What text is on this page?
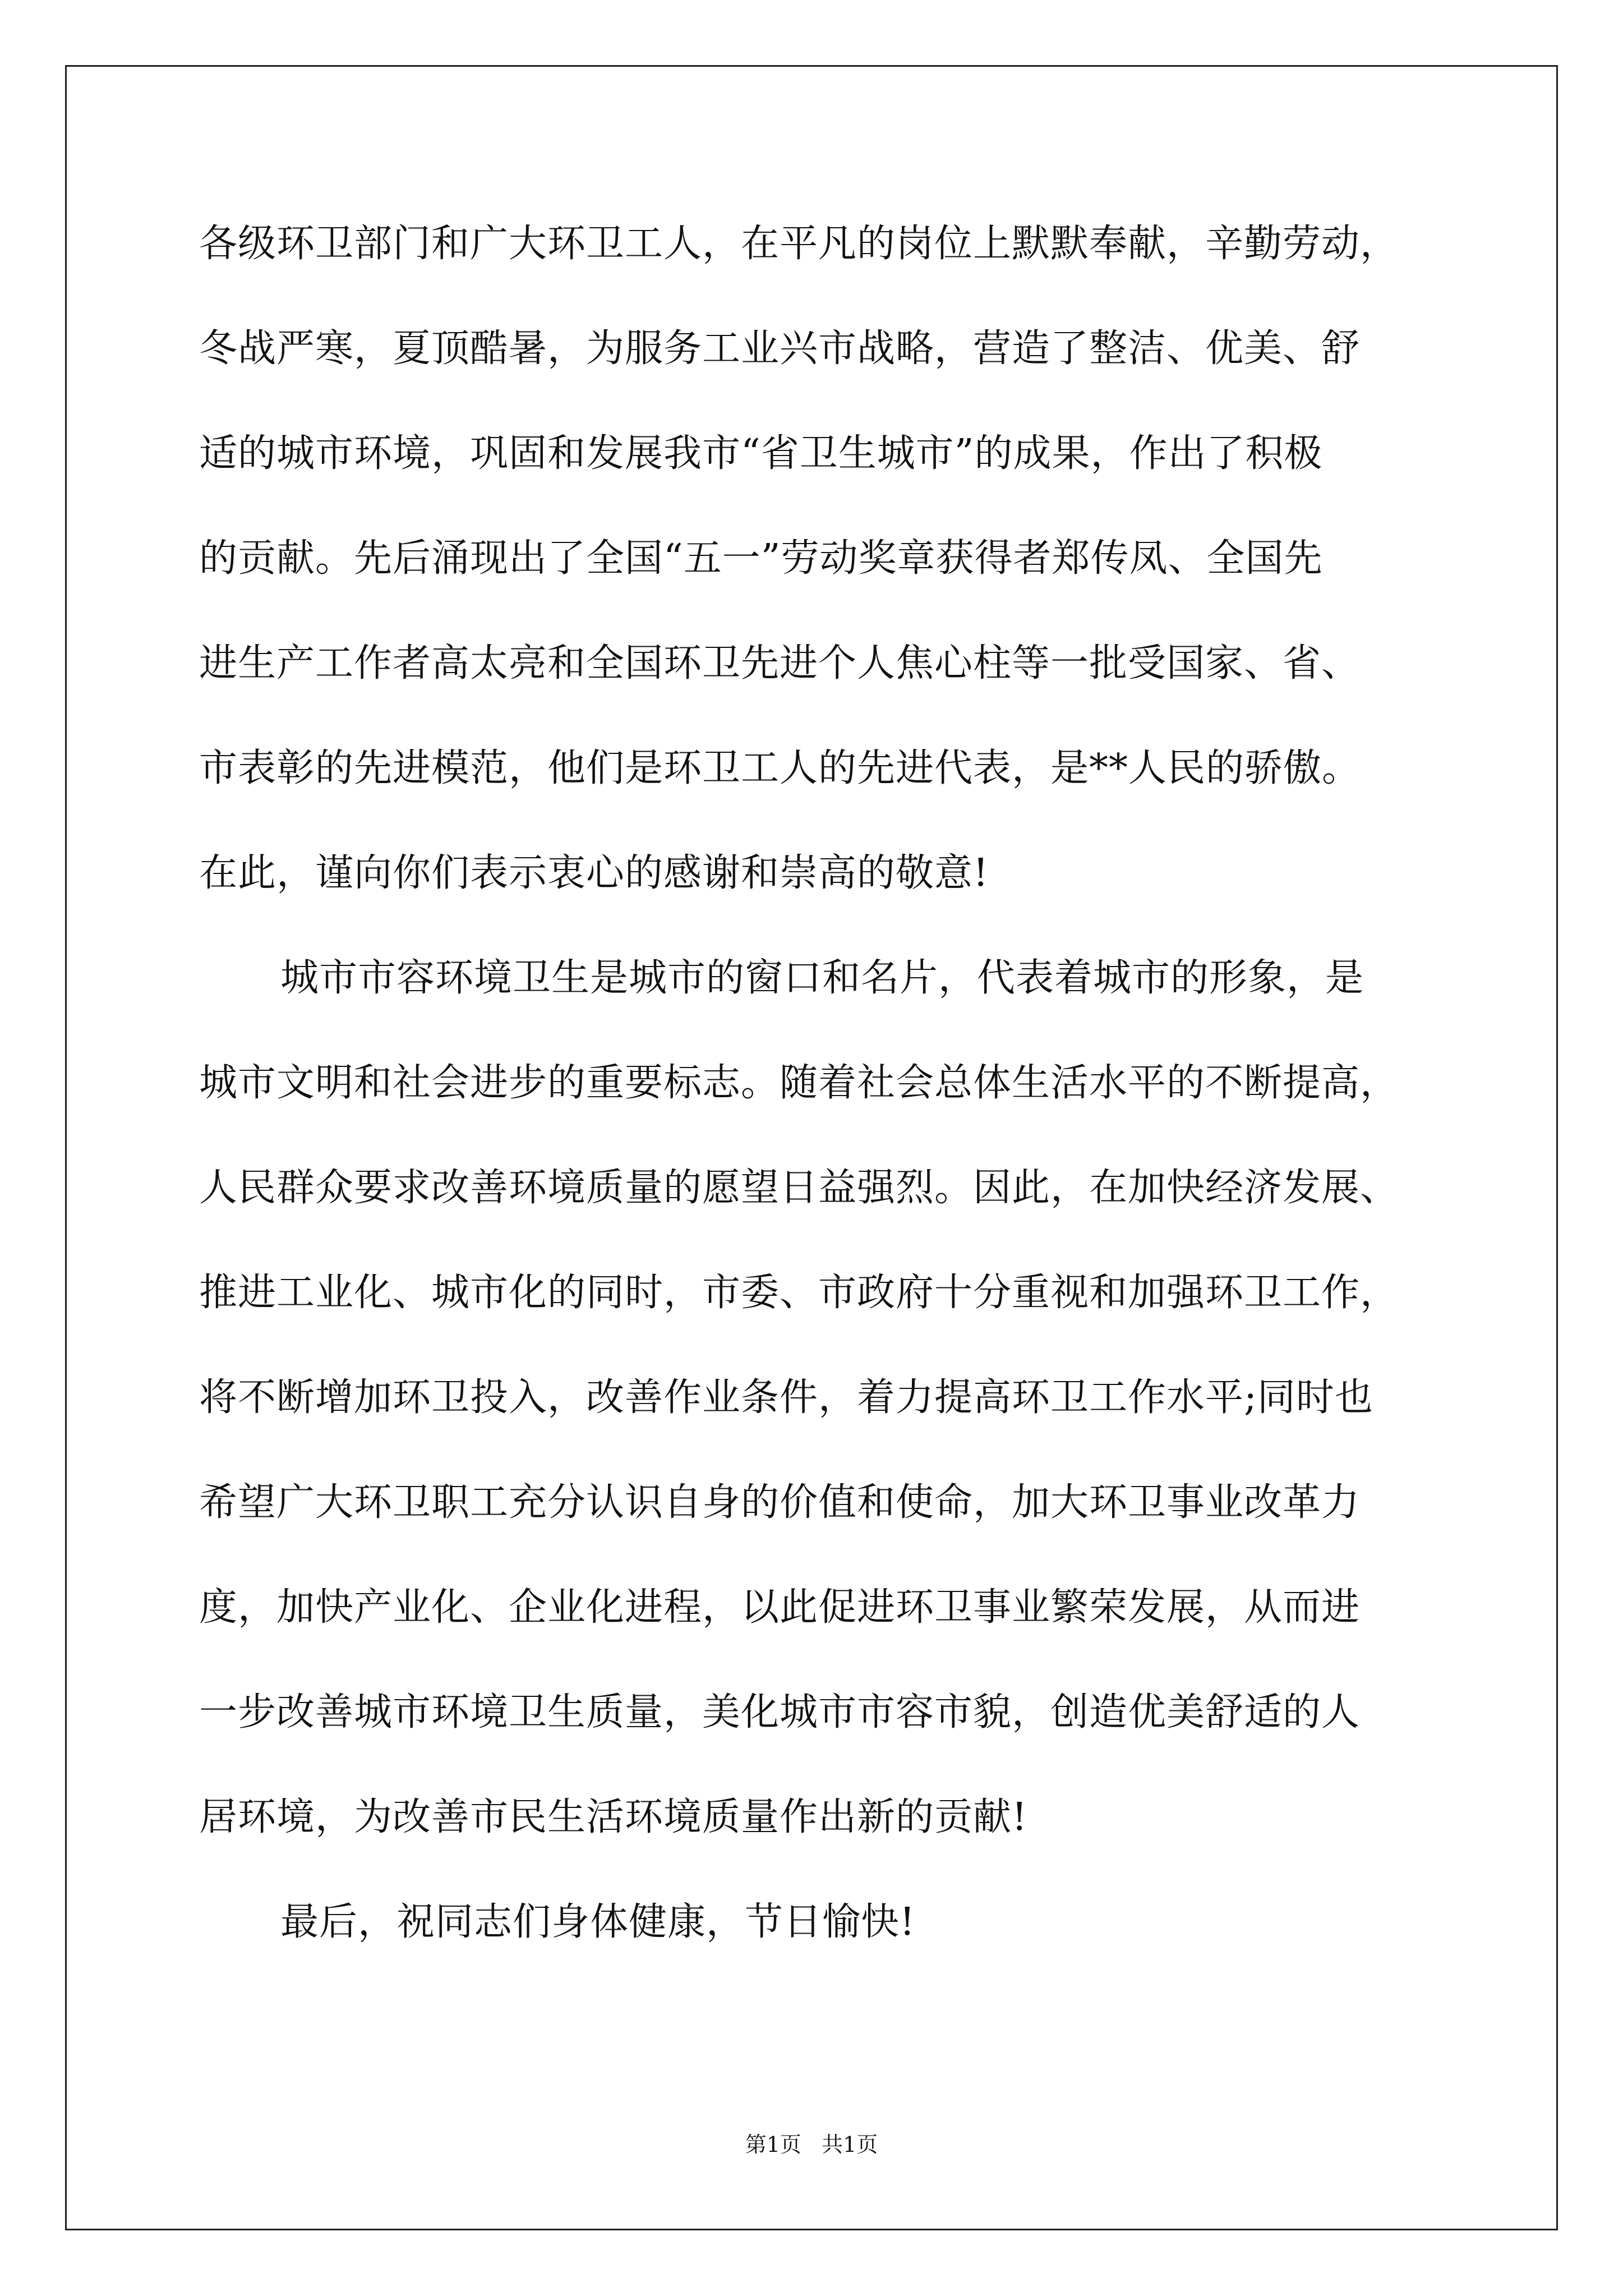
各级环卫部门和广大环卫工人，在平凡的岗位上默默奉献，辛勤劳动，
冬战严寒，夏顶酷暑，为服务工业兴市战略，营造了整洁、优美、舒
适的城市环境，巩固和发展我市“省卫生城市”的成果，作出了积极
的贡献。先后涌现出了全国“五一”劳动奖章获得者郑传凤、全国先
进生产工作者高太亮和全国环卫先进个人焦心柱等一批受国家、省、
市表彰的先进模范，他们是环卫工人的先进代表，是**人民的骄傲。
在此，谨向你们表示衷心的感谢和崇高的敬意!
城市市容环境卫生是城市的窗口和名片，代表着城市的形象，是
城市文明和社会进步的重要标志。随着社会总体生活水平的不断提高，
人民群众要求改善环境质量的愿望日益强烈。因此，在加快经济发展、
推进工业化、城市化的同时，市委、市政府十分重视和加强环卫工作，
将不断增加环卫投入，改善作业条件，着力提高环卫工作水平;同时也
希望广大环卫职工充分认识自身的价值和使命，加大环卫事业改革力
度，加快产业化、企业化进程，以此促进环卫事业繁荣发展，从而进
一步改善城市环境卫生质量，美化城市市容市貌，创造优美舒适的人
居环境，为改善市民生活环境质量作出新的贡献!
最后，祝同志们身体健康，节日愉快!
第1页   共1页
